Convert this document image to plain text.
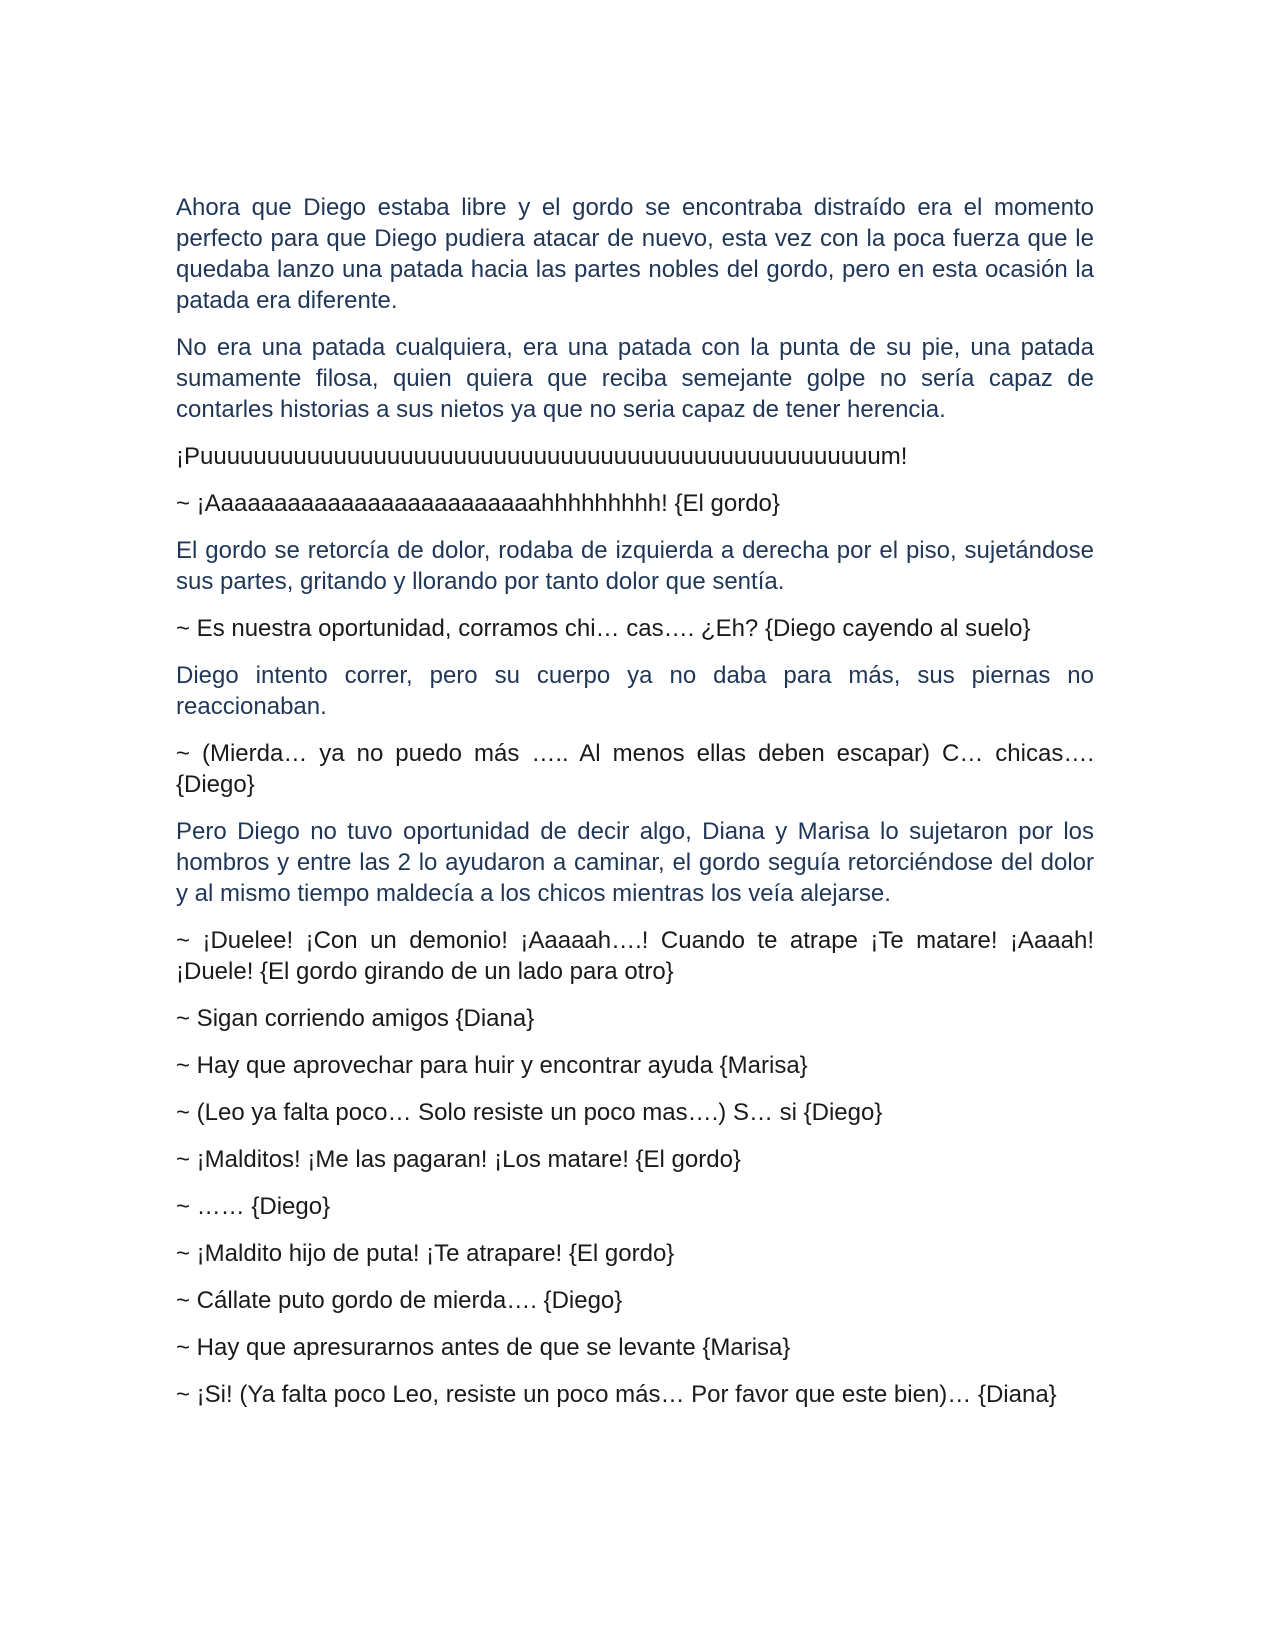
Ahora que Diego estaba libre y el gordo se encontraba distraído era el momento perfecto para que Diego pudiera atacar de nuevo, esta vez con la poca fuerza que le quedaba lanzo una patada hacia las partes nobles del gordo, pero en esta ocasión la patada era diferente.

No era una patada cualquiera, era una patada con la punta de su pie, una patada sumamente filosa, quien quiera que reciba semejante golpe no sería capaz de contarles historias a sus nietos ya que no seria capaz de tener herencia.

¡Puuuuuuuuuuuuuuuuuuuuuuuuuuuuuuuuuuuuuuuuuuuuuuuuuuum!

~ ¡Aaaaaaaaaaaaaaaaaaaaaaaaahhhhhhhhh! {El gordo}

El gordo se retorcía de dolor, rodaba de izquierda a derecha por el piso, sujetándose sus partes, gritando y llorando por tanto dolor que sentía.

~ Es nuestra oportunidad, corramos chi… cas…. ¿Eh? {Diego cayendo al suelo}

Diego intento correr, pero su cuerpo ya no daba para más, sus piernas no reaccionaban.

~ (Mierda… ya no puedo más ….. Al menos ellas deben escapar) C… chicas…. {Diego}

Pero Diego no tuvo oportunidad de decir algo, Diana y Marisa lo sujetaron por los hombros y entre las 2 lo ayudaron a caminar, el gordo seguía retorciéndose del dolor y al mismo tiempo maldecía a los chicos mientras los veía alejarse.

~ ¡Duelee! ¡Con un demonio! ¡Aaaaah….! Cuando te atrape ¡Te matare! ¡Aaaah! ¡Duele! {El gordo girando de un lado para otro}

~ Sigan corriendo amigos {Diana}

~ Hay que aprovechar para huir y encontrar ayuda {Marisa}

~ (Leo ya falta poco… Solo resiste un poco mas….) S… si {Diego}

~ ¡Malditos! ¡Me las pagaran! ¡Los matare! {El gordo}

~ …… {Diego}

~ ¡Maldito hijo de puta! ¡Te atrapare! {El gordo}

~ Cállate puto gordo de mierda…. {Diego}

~ Hay que apresurarnos antes de que se levante {Marisa}

~ ¡Si! (Ya falta poco Leo, resiste un poco más… Por favor que este bien)… {Diana}
